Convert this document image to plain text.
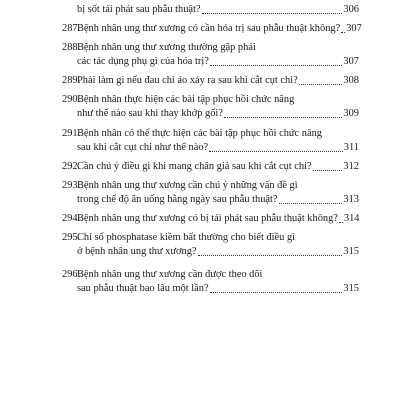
bị sốt tái phát sau phẫu thuật?	306
287.
Bệnh nhân ung thư xương có cần hóa trị sau phẫu thuật không? 307
288.
Bệnh nhân ung thư xương thường gặp phải
các tác dụng phụ gì của hóa trị?	307
289.
Phải làm gì nếu đau chi ảo xảy ra sau khi cắt cụt chi?	308
290.
Bệnh nhân thực hiện các bài tập phục hồi chức năng
như thế nào sau khi thay khớp gối?	309
291.
Bệnh nhân có thể thực hiện các bài tập phục hồi chức năng
sau khi cắt cụt chi như thế nào?	311
292.
Cần chú ý điều gì khi mang chân giả sau khi cắt cụt chi?	312
293.
Bệnh nhân ung thư xương cần chú ý những vấn đề gì
trong chế độ ăn uống hằng ngày sau phẫu thuật?	313
294.
Bệnh nhân ung thư xương có bị tái phát sau phẫu thuật không? 314
295.
Chỉ số phosphatase kiềm bất thường cho biết điều gì
ở bệnh nhân ung thư xương?	315
296.
Bệnh nhân ung thư xương cần được theo dõi
sau phẫu thuật bao lâu một lần?	315
